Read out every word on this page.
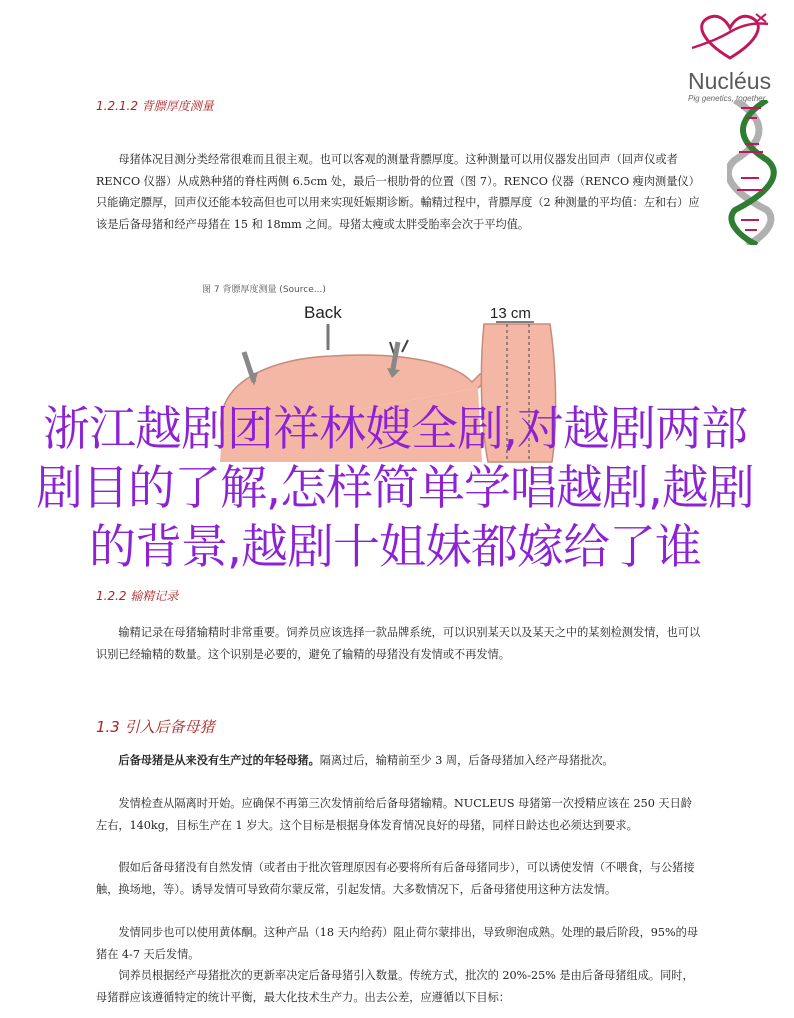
Nucléus
Pig genetics, together
1.2.1.2 背膘厚度测量

母猪体况目测分类经常很难而且很主观。也可以客观的测量背膘厚度。这种测量可以用仪器发出回声（回声仪或者 RENCO 仪器）从成熟种猪的脊柱两侧 6.5cm 处，最后一根肋骨的位置（图 7）。RENCO 仪器（RENCO 瘦肉测量仪）只能确定膘厚，回声仪还能本较高但也可以用来实现妊娠期诊断。輸精过程中，背膘厚度（2 种测量的平均值：左和右）应该是后备母猪和经产母猪在 15 和 18mm 之间。母猪太瘦或太胖受胎率会次于平均值。

Back	13 cm
图 7 背膘厚度测量 (Source...)
1.2.2 输精记录

输精记录在母猪输精时非常重要。饲养员应该选择一款品牌系统，可以识别某天以及某天之中的某刻检测发情，也可以识别已经输精的数量。这个识别是必要的，避免了输精的母猪没有发情或不再发情。

1.3 引入后备母猪

后备母猪是从来没有生产过的年轻母猪。隔离过后，输精前至少 3 周，后备母猪加入经产母猪批次。

发情检查从隔离时开始。应确保不再第三次发情前给后备母猪输精。NUCLEUS 母猪第一次授精应该在 250 天日龄左右，140kg，目标生产在 1 岁大。这个目标是根据身体发育情况良好的母猪，同样日龄达也必须达到要求。

假如后备母猪没有自然发情（或者由于批次管理原因有必要将所有后备母猪同步），可以诱使发情（不喂食，与公猪接触，换场地，等）。诱导发情可导致荷尔蒙反常，引起发情。大多数情况下，后备母猪使用这种方法发情。

发情同步也可以使用黄体酮。这种产品（18 天内给药）阻止荷尔蒙排出，导致卵泡成熟。处理的最后阶段，95%的母猪在 4-7 天后发情。

饲养员根据经产母猪批次的更新率决定后备母猪引入数量。传统方式，批次的 20%-25% 是由后备母猪组成。同时，母猪群应该遵循特定的统计平衡，最大化技术生产力。出去公差，应遵循以下目标：

浙江越剧团祥林嫂全剧,对越剧两部剧目的了解,怎样简单学唱越剧,越剧的背景,越剧十姐妹都嫁给了谁
